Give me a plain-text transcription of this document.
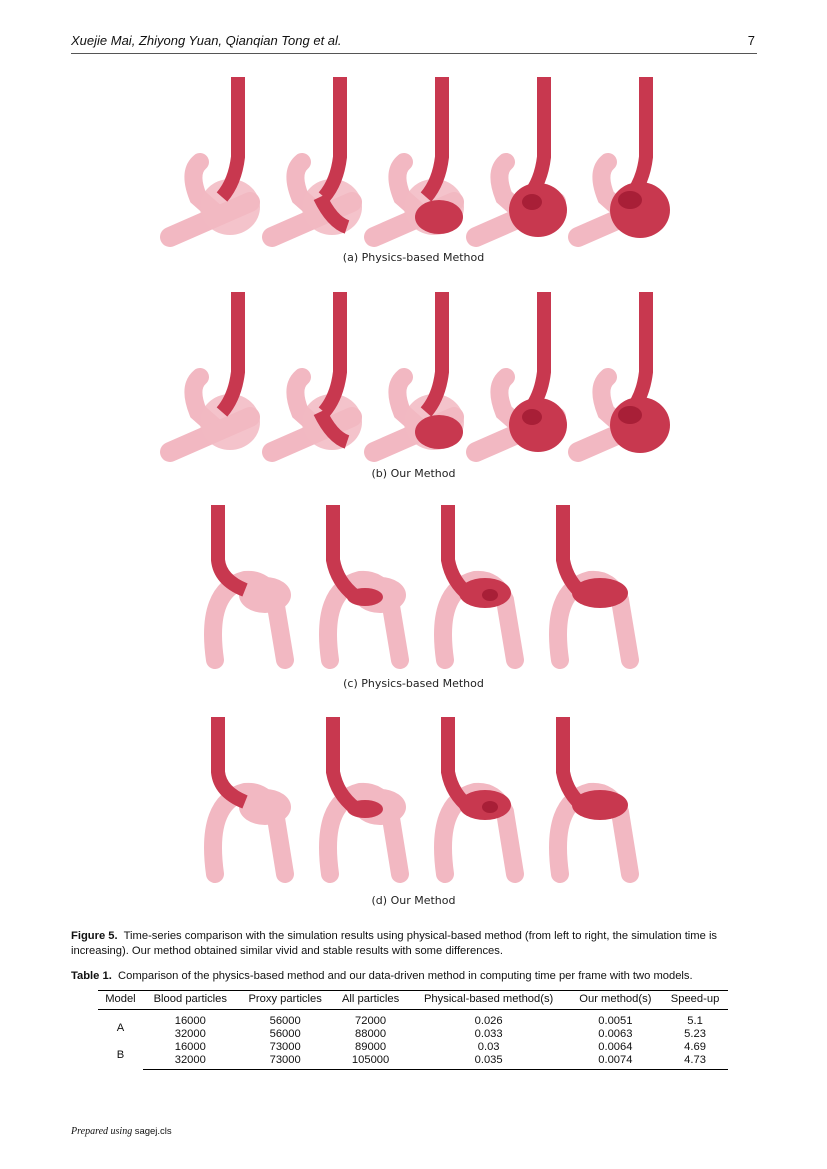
Xuejie Mai, Zhiyong Yuan, Qianqian Tong et al.	7
(a) Physics-based Method
(b) Our Method
(c) Physics-based Method
(d) Our Method
Figure 5. Time-series comparison with the simulation results using physical-based method (from left to right, the simulation time is increasing). Our method obtained similar vivid and stable results with some differences.
Table 1. Comparison of the physics-based method and our data-driven method in computing time per frame with two models.
Model	Blood particles	Proxy particles	All particles	Physical-based method(s)	Our method(s)	Speed-up
A	16000	56000	72000	0.026	0.0051	5.1
	32000	56000	88000	0.033	0.0063	5.23
B	16000	73000	89000	0.03	0.0064	4.69
	32000	73000	105000	0.035	0.0074	4.73
Prepared using sagej.cls
